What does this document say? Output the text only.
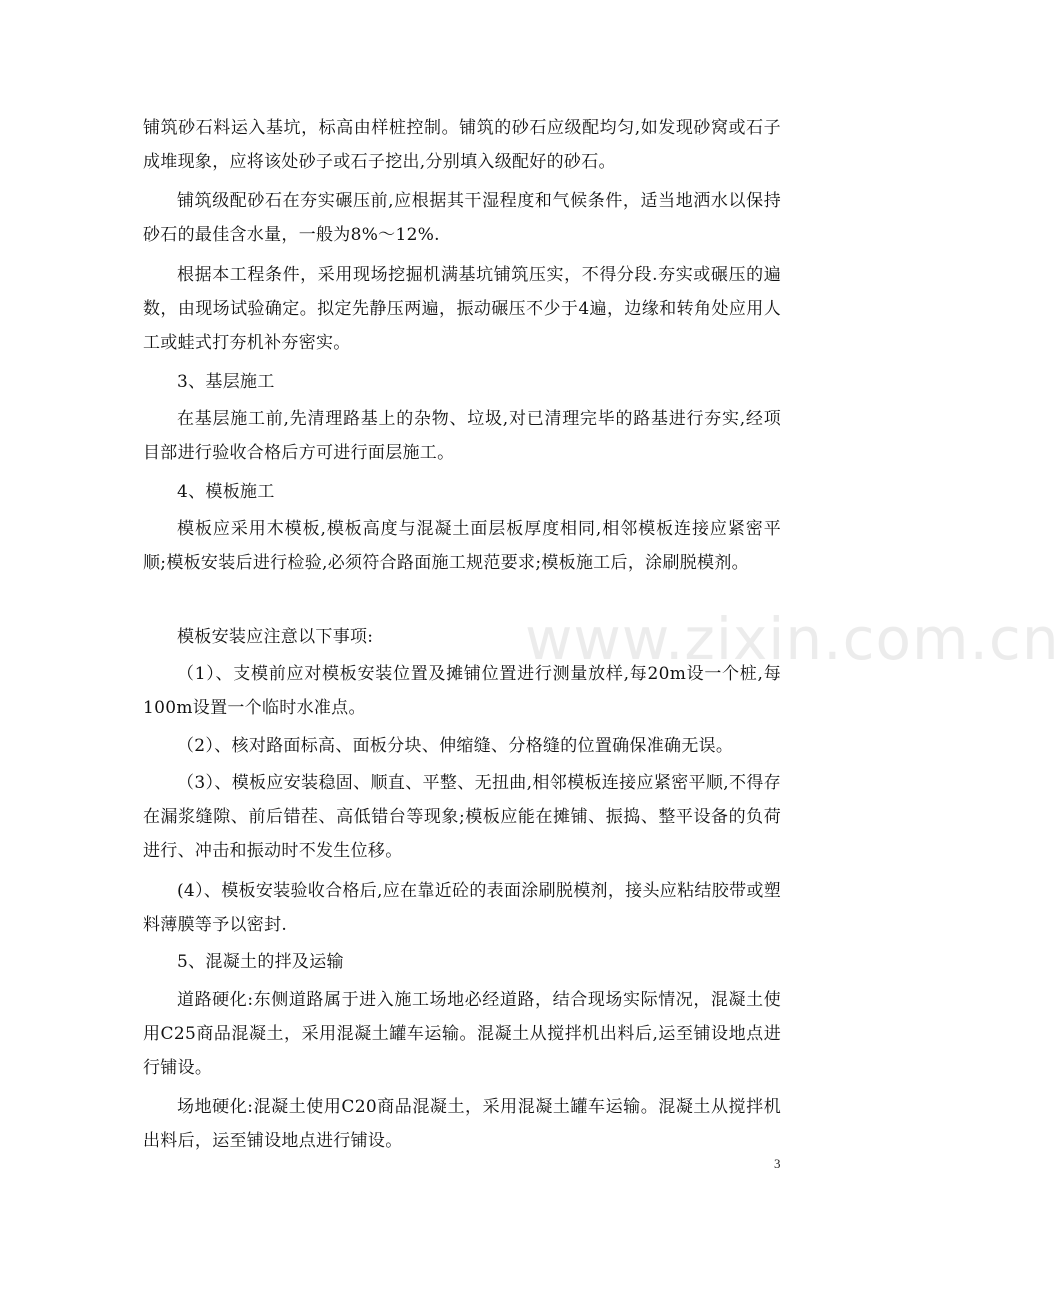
www.zixin.com.cn

铺筑砂石料运入基坑，标高由样桩控制。铺筑的砂石应级配均匀,如发现砂窝或石子成堆现象，应将该处砂子或石子挖出,分别填入级配好的砂石。

铺筑级配砂石在夯实碾压前,应根据其干湿程度和气候条件，适当地洒水以保持砂石的最佳含水量，一般为8%～12%.

根据本工程条件，采用现场挖掘机满基坑铺筑压实，不得分段.夯实或碾压的遍数，由现场试验确定。拟定先静压两遍，振动碾压不少于4遍，边缘和转角处应用人工或蛙式打夯机补夯密实。

3、基层施工

在基层施工前,先清理路基上的杂物、垃圾,对已清理完毕的路基进行夯实,经项目部进行验收合格后方可进行面层施工。

4、模板施工

模板应采用木模板,模板高度与混凝土面层板厚度相同,相邻模板连接应紧密平顺;模板安装后进行检验,必须符合路面施工规范要求;模板施工后，涂刷脱模剂。

模板安装应注意以下事项:

（1）、支模前应对模板安装位置及摊铺位置进行测量放样,每20m设一个桩,每100m设置一个临时水准点。

（2）、核对路面标高、面板分块、伸缩缝、分格缝的位置确保准确无误。

（3）、模板应安装稳固、顺直、平整、无扭曲,相邻模板连接应紧密平顺,不得存在漏浆缝隙、前后错茬、高低错台等现象;模板应能在摊铺、振捣、整平设备的负荷进行、冲击和振动时不发生位移。

(4）、模板安装验收合格后,应在靠近砼的表面涂刷脱模剂，接头应粘结胶带或塑料薄膜等予以密封.

5、混凝土的拌及运输

道路硬化:东侧道路属于进入施工场地必经道路，结合现场实际情况，混凝土使用C25商品混凝土，采用混凝土罐车运输。混凝土从搅拌机出料后,运至铺设地点进行铺设。

场地硬化:混凝土使用C20商品混凝土，采用混凝土罐车运输。混凝土从搅拌机出料后，运至铺设地点进行铺设。

3
